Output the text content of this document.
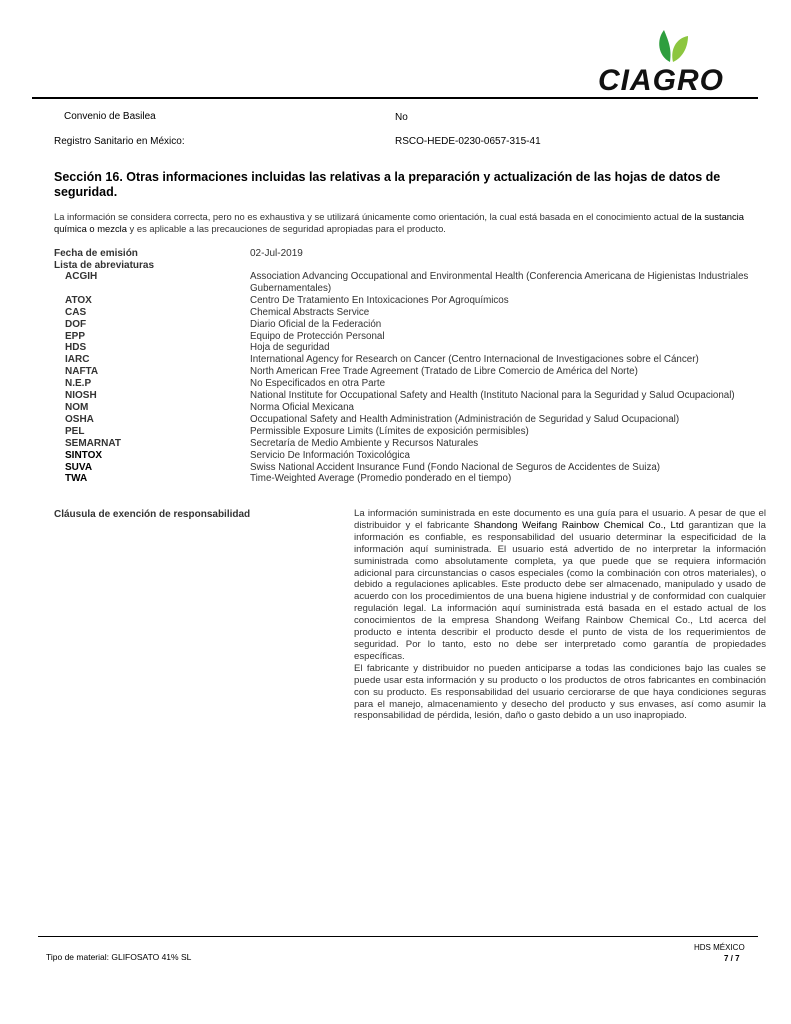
CIAGRO
Convenio de Basilea	No
Registro Sanitario en México:	RSCO-HEDE-0230-0657-315-41
Sección 16. Otras informaciones incluidas las relativas a la preparación y actualización de las hojas de datos de seguridad.
La información se considera correcta, pero no es exhaustiva y se utilizará únicamente como orientación, la cual está basada en el conocimiento actual de la sustancia química o mezcla y es aplicable a las precauciones de seguridad apropiadas para el producto.
Fecha de emisión	02-Jul-2019
Lista de abreviaturas
ACGIH	Association Advancing Occupational and Environmental Health (Conferencia Americana de Higienistas Industriales Gubernamentales)
ATOX	Centro De Tratamiento En Intoxicaciones Por Agroquímicos
CAS	Chemical Abstracts Service
DOF	Diario Oficial de la Federación
EPP	Equipo de Protección Personal
HDS	Hoja de seguridad
IARC	International Agency for Research on Cancer (Centro Internacional de Investigaciones sobre el Cáncer)
NAFTA	North American Free Trade Agreement (Tratado de Libre Comercio de América del Norte)
N.E.P	No Especificados en otra Parte
NIOSH	National Institute for Occupational Safety and Health (Instituto Nacional para la Seguridad y Salud Ocupacional)
NOM	Norma Oficial Mexicana
OSHA	Occupational Safety and Health Administration (Administración de Seguridad y Salud Ocupacional)
PEL	Permissible Exposure Limits (Límites de exposición permisibles)
SEMARNAT	Secretaría de Medio Ambiente y Recursos Naturales
SINTOX	Servicio De Información Toxicológica
SUVA	Swiss National Accident Insurance Fund (Fondo Nacional de Seguros de Accidentes de Suiza)
TWA	Time-Weighted Average (Promedio ponderado en el tiempo)
Cláusula de exención de responsabilidad	La información suministrada en este documento es una guía para el usuario. A pesar de que el distribuidor y el fabricante Shandong Weifang Rainbow Chemical Co., Ltd garantizan que la información es confiable, es responsabilidad del usuario determinar la especificidad de la información aquí suministrada. El usuario está advertido de no interpretar la información suministrada como absolutamente completa, ya que puede que se requiera información adicional para circunstancias o casos especiales (como la combinación con otros materiales), o debido a regulaciones aplicables. Este producto debe ser almacenado, manipulado y usado de acuerdo con los procedimientos de una buena higiene industrial y de conformidad con cualquier regulación legal. La información aquí suministrada está basada en el estado actual de los conocimientos de la empresa Shandong Weifang Rainbow Chemical Co., Ltd acerca del producto e intenta describir el producto desde el punto de vista de los requerimientos de seguridad. Por lo tanto, esto no debe ser interpretado como garantía de propiedades específicas.

El fabricante y distribuidor no pueden anticiparse a todas las condiciones bajo las cuales se puede usar esta información y su producto o los productos de otros fabricantes en combinación con su producto. Es responsabilidad del usuario cerciorarse de que haya condiciones seguras para el manejo, almacenamiento y desecho del producto y sus envases, así como asumir la responsabilidad de pérdida, lesión, daño o gasto debido a un uso inapropiado.

Tipo de material: GLIFOSATO 41% SL
HDS MÉXICO
7 / 7
